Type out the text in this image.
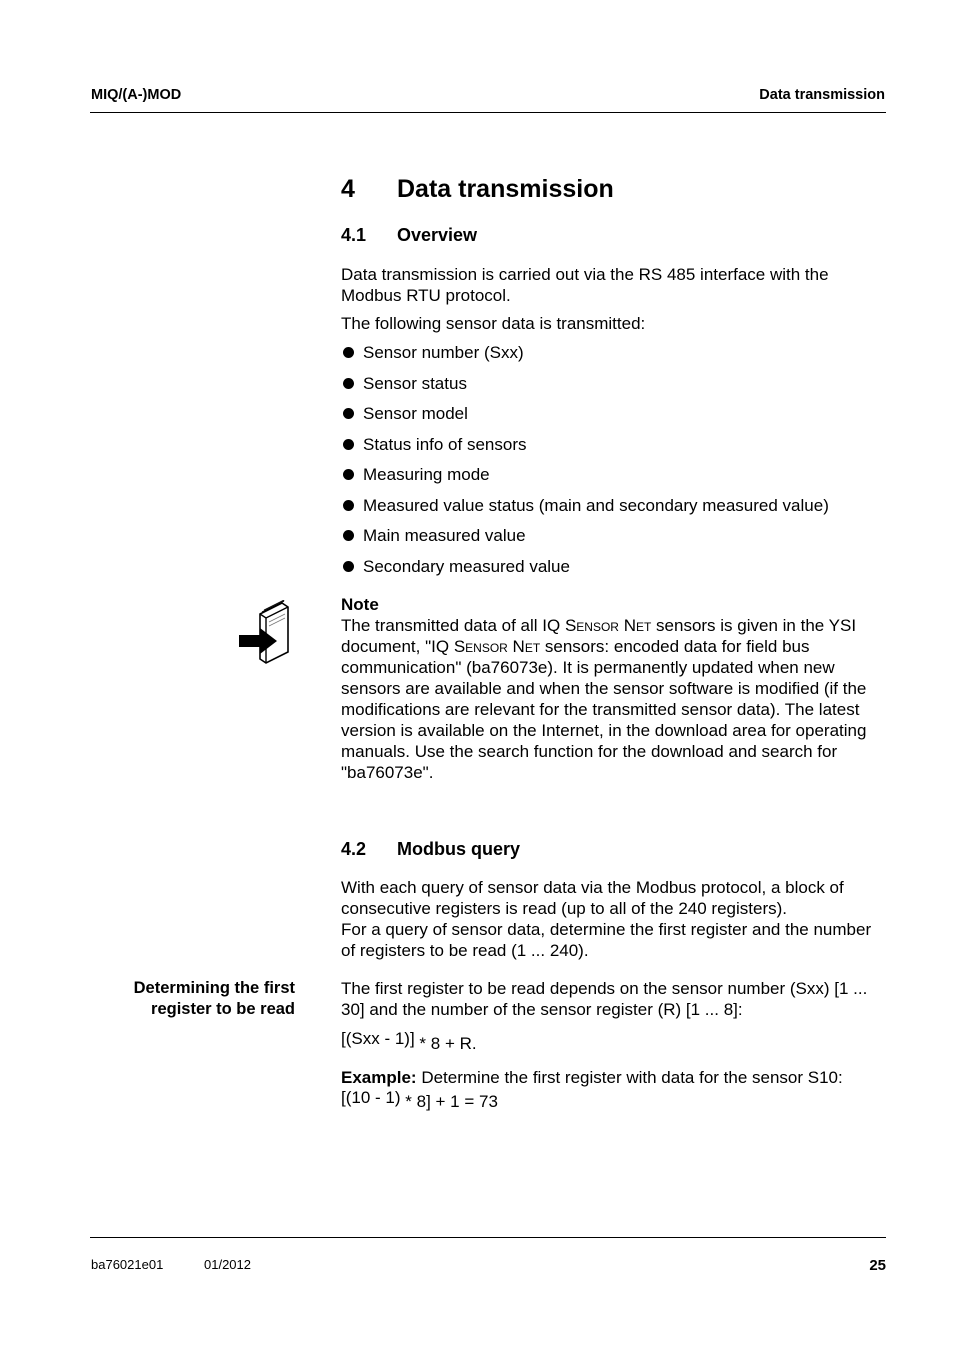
MIQ/(A-)MOD	Data transmission
4 Data transmission
4.1 Overview
Data transmission is carried out via the RS 485 interface with the Modbus RTU protocol.
The following sensor data is transmitted:
Sensor number (Sxx)
Sensor status
Sensor model
Status info of sensors
Measuring mode
Measured value status (main and secondary measured value)
Main measured value
Secondary measured value
Note
The transmitted data of all IQ Sensor Net sensors is given in the YSI document, "IQ Sensor Net sensors: encoded data for field bus communication" (ba76073e). It is permanently updated when new sensors are available and when the sensor software is modified (if the modifications are relevant for the transmitted sensor data). The latest version is available on the Internet, in the download area for operating manuals. Use the search function for the download and search for "ba76073e".
4.2 Modbus query
With each query of sensor data via the Modbus protocol, a block of consecutive registers is read (up to all of the 240 registers).
For a query of sensor data, determine the first register and the number of registers to be read (1 ... 240).
Determining the first
register to be read
The first register to be read depends on the sensor number (Sxx) [1 ... 30] and the number of the sensor register (R) [1 ... 8]:
[(Sxx - 1)] * 8 + R.
Example: Determine the first register with data for the sensor S10:
[(10 - 1) * 8] + 1 = 73
ba76021e01	01/2012	25
